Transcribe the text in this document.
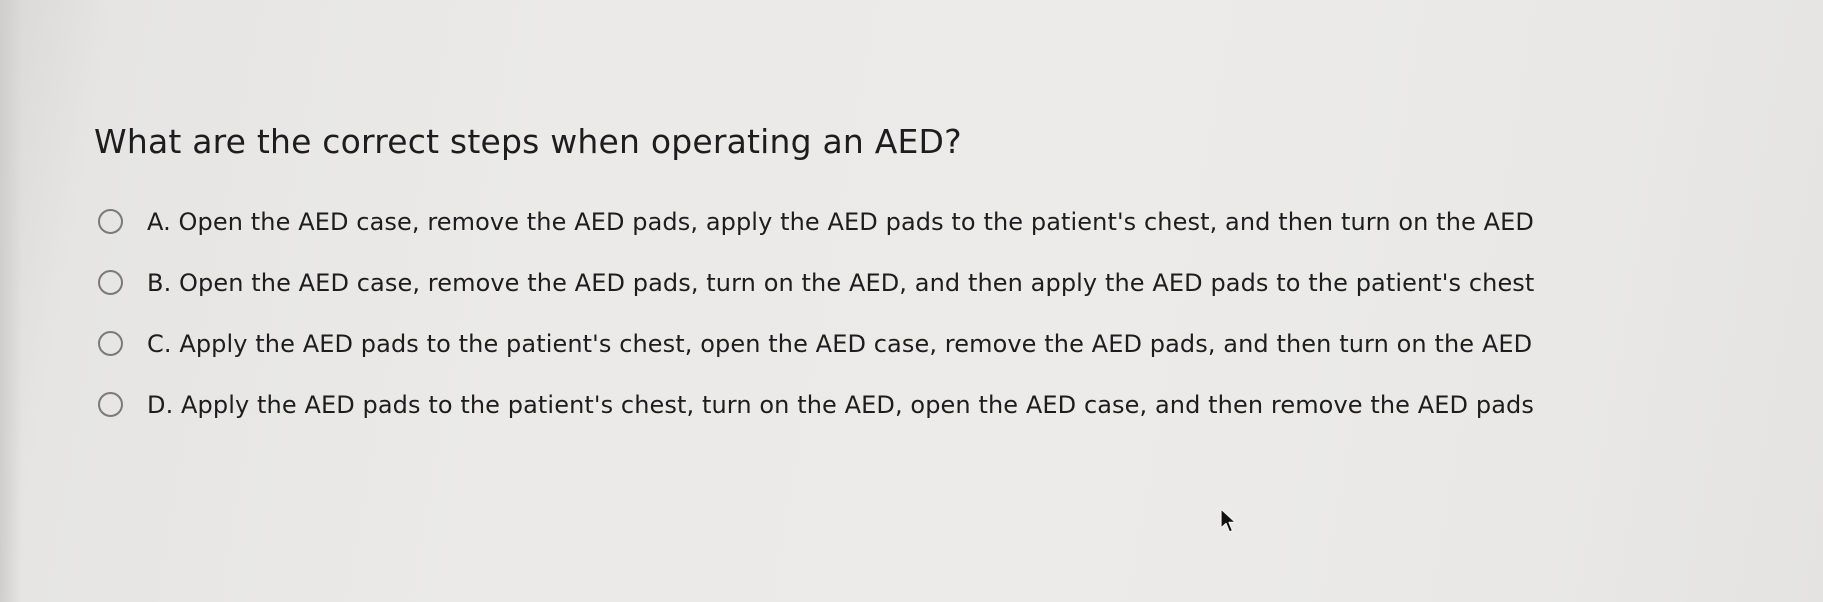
What are the correct steps when operating an AED?
A. Open the AED case, remove the AED pads, apply the AED pads to the patient's chest, and then turn on the AED
B. Open the AED case, remove the AED pads, turn on the AED, and then apply the AED pads to the patient's chest
C. Apply the AED pads to the patient's chest, open the AED case, remove the AED pads, and then turn on the AED
D. Apply the AED pads to the patient's chest, turn on the AED, open the AED case, and then remove the AED pads
